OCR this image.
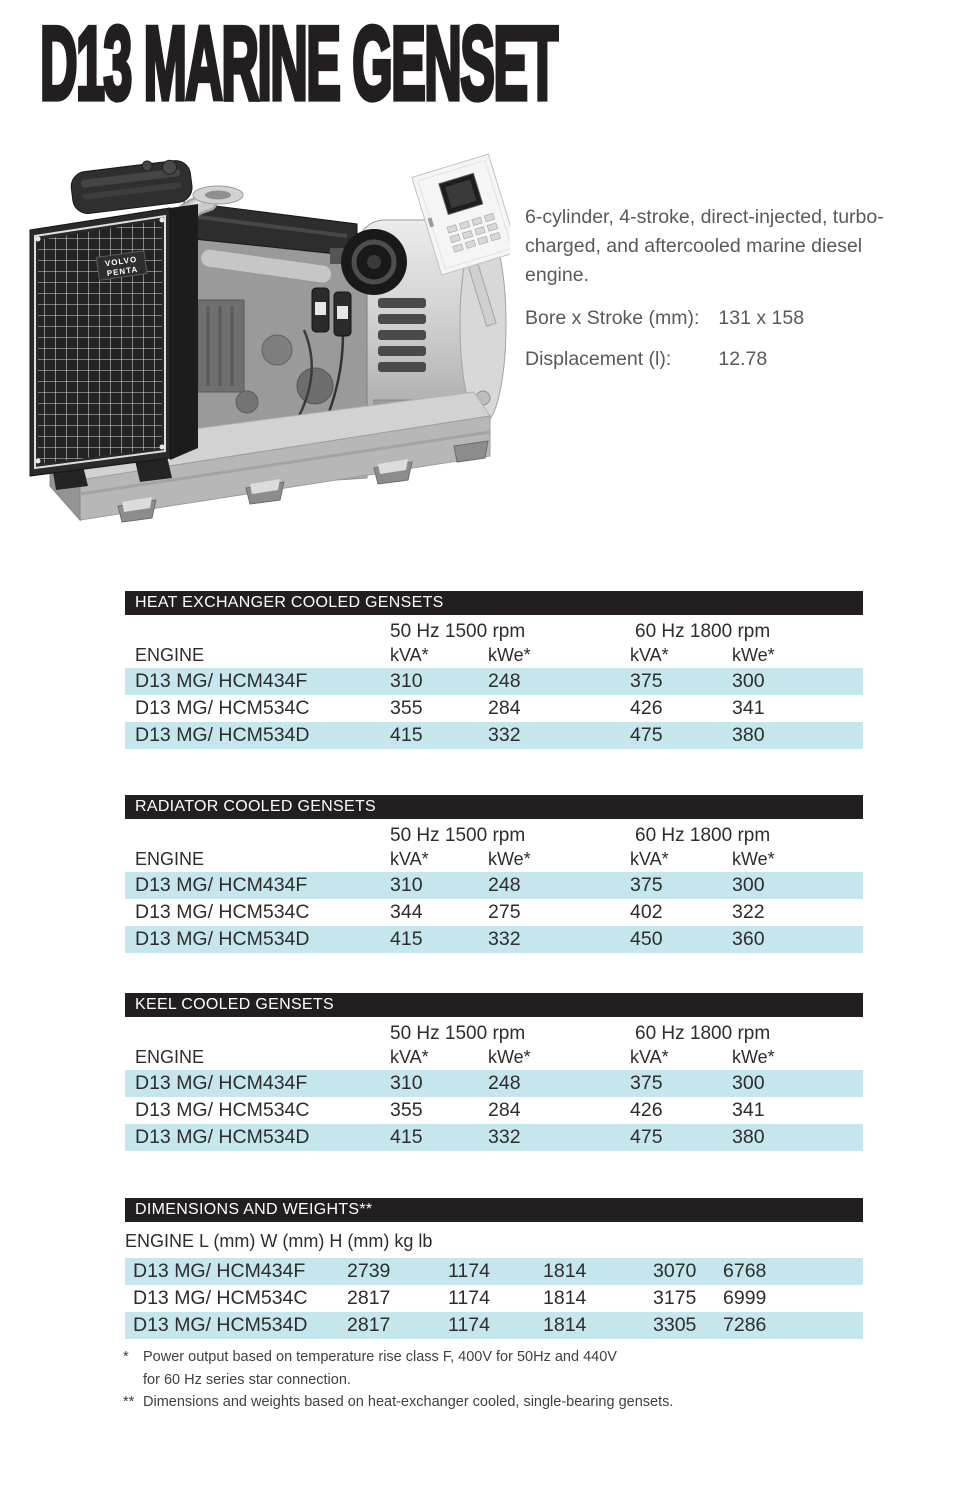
D13 MARINE GENSET
VOLVO
PENTA
6-cylinder, 4-stroke, direct-injected, turbo-charged, and aftercooled marine diesel engine.
Bore x Stroke (mm): 131 x 158
Displacement (l): 12.78
HEAT EXCHANGER COOLED GENSETS
50 Hz 1500 rpm	60 Hz 1800 rpm
ENGINE	kVA*	kWe*	kVA*	kWe*
D13 MG/ HCM434F	310	248	375	300
D13 MG/ HCM534C	355	284	426	341
D13 MG/ HCM534D	415	332	475	380
RADIATOR COOLED GENSETS
50 Hz 1500 rpm	60 Hz 1800 rpm
ENGINE	kVA*	kWe*	kVA*	kWe*
D13 MG/ HCM434F	310	248	375	300
D13 MG/ HCM534C	344	275	402	322
D13 MG/ HCM534D	415	332	450	360
KEEL COOLED GENSETS
50 Hz 1500 rpm	60 Hz 1800 rpm
ENGINE	kVA*	kWe*	kVA*	kWe*
D13 MG/ HCM434F	310	248	375	300
D13 MG/ HCM534C	355	284	426	341
D13 MG/ HCM534D	415	332	475	380
DIMENSIONS AND WEIGHTS**
ENGINE L (mm) W (mm) H (mm) kg lb
D13 MG/ HCM434F 2739	1174	1814	3070 6768
D13 MG/ HCM534C 2817	1174	1814	3175 6999
D13 MG/ HCM534D 2817	1174	1814	3305 7286
* Power output based on temperature rise class F, 400V for 50Hz and 440V
for 60 Hz series star connection.
** Dimensions and weights based on heat-exchanger cooled, single-bearing gensets.
